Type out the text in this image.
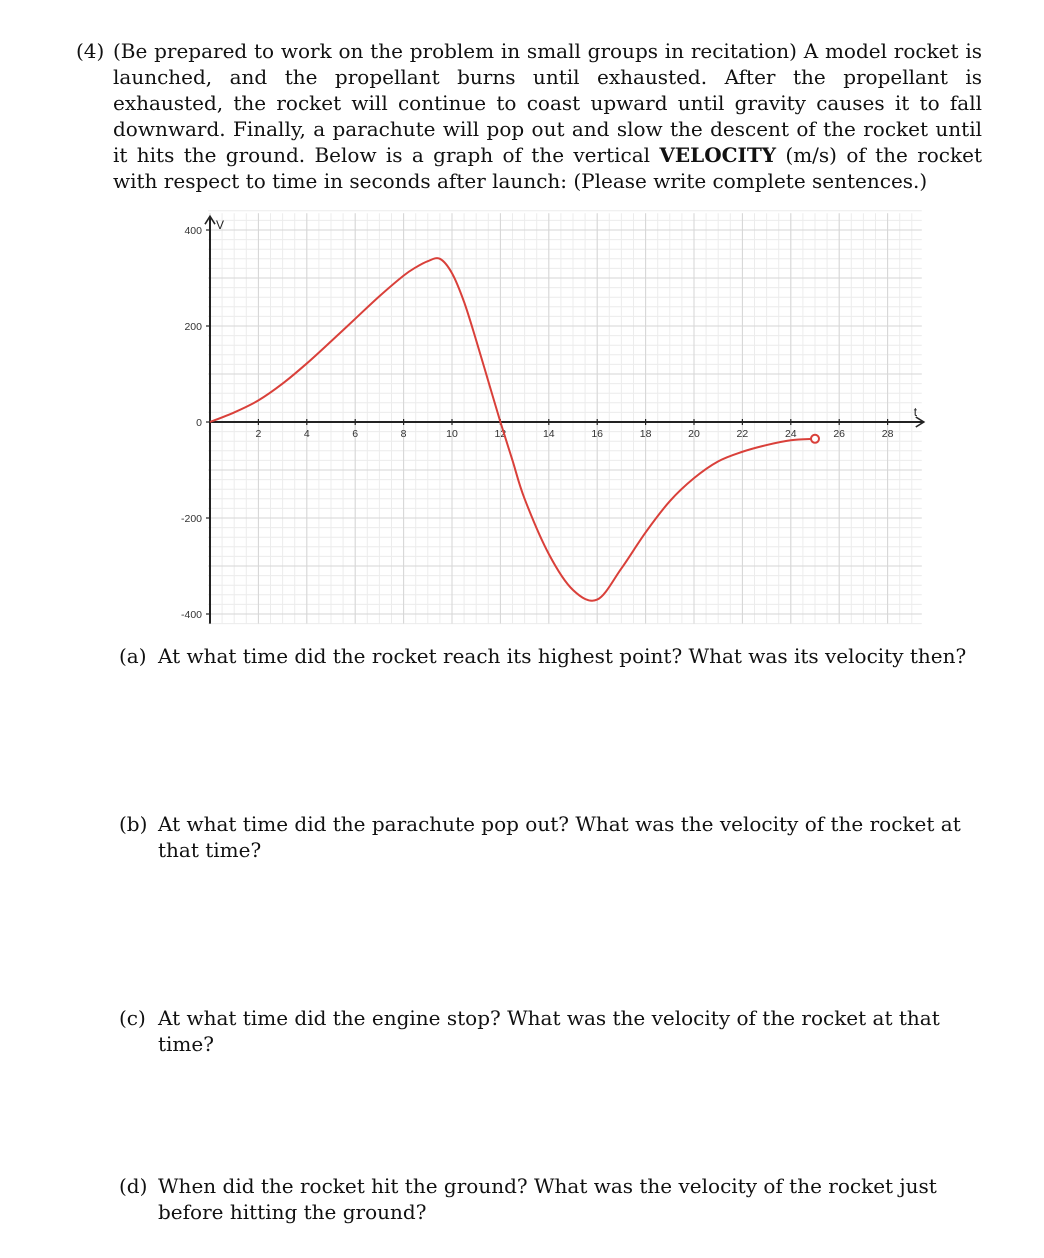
(4) (Be prepared to work on the problem in small groups in recitation) A model rocket is launched, and the propellant burns until exhausted. After the propellant is exhausted, the rocket will continue to coast upward until gravity causes it to fall downward. Finally, a parachute will pop out and slow the descent of the rocket until it hits the ground. Below is a graph of the vertical VELOCITY (m/s) of the rocket with respect to time in seconds after launch: (Please write complete sentences.)
V
t
2	4	6	8	10	12	14	16	18	20	22	24	26	28
400
200
0
-200
-400
(a) At what time did the rocket reach its highest point? What was its velocity then?
(b) At what time did the parachute pop out? What was the velocity of the rocket at that time?
(c) At what time did the engine stop? What was the velocity of the rocket at that time?
(d) When did the rocket hit the ground? What was the velocity of the rocket just before hitting the ground?
